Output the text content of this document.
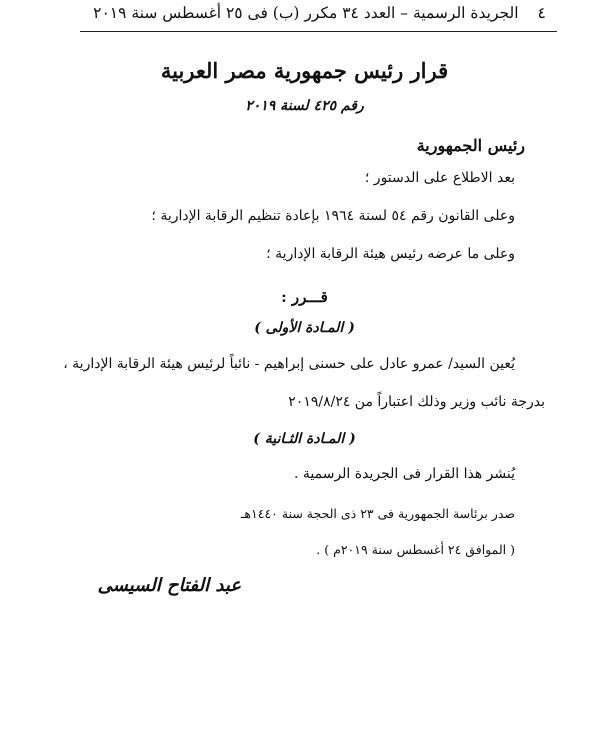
٤ الجريدة الرسمية – العدد ٣٤ مكرر (ب) فى ٢٥ أغسطس سنة ٢٠١٩
قرار رئيس جمهورية مصر العربية
رقم ٤٢٥ لسنة ٢٠١٩
رئيس الجمهورية
بعد الاطلاع على الدستور ؛
وعلى القانون رقم ٥٤ لسنة ١٩٦٤ بإعادة تنظيم الرقابة الإدارية ؛
وعلى ما عرضه رئيس هيئة الرقابة الإدارية ؛
قـــرر :
( المـادة الأولى )
يُعين السيد/ عمرو عادل على حسنى إبراهيم - نائباً لرئيس هيئة الرقابة الإدارية ،
بدرجة نائب وزير وذلك اعتباراً من ٢٠١٩/٨/٢٤
( المـادة الثـانية )
يُنشر هذا القرار فى الجريدة الرسمية .
صدر برئاسة الجمهورية فى ٢٣ ذى الحجة سنة ١٤٤٠هـ
( الموافق ٢٤ أغسطس سنة ٢٠١٩م ) .
عبد الفتاح السيسى
